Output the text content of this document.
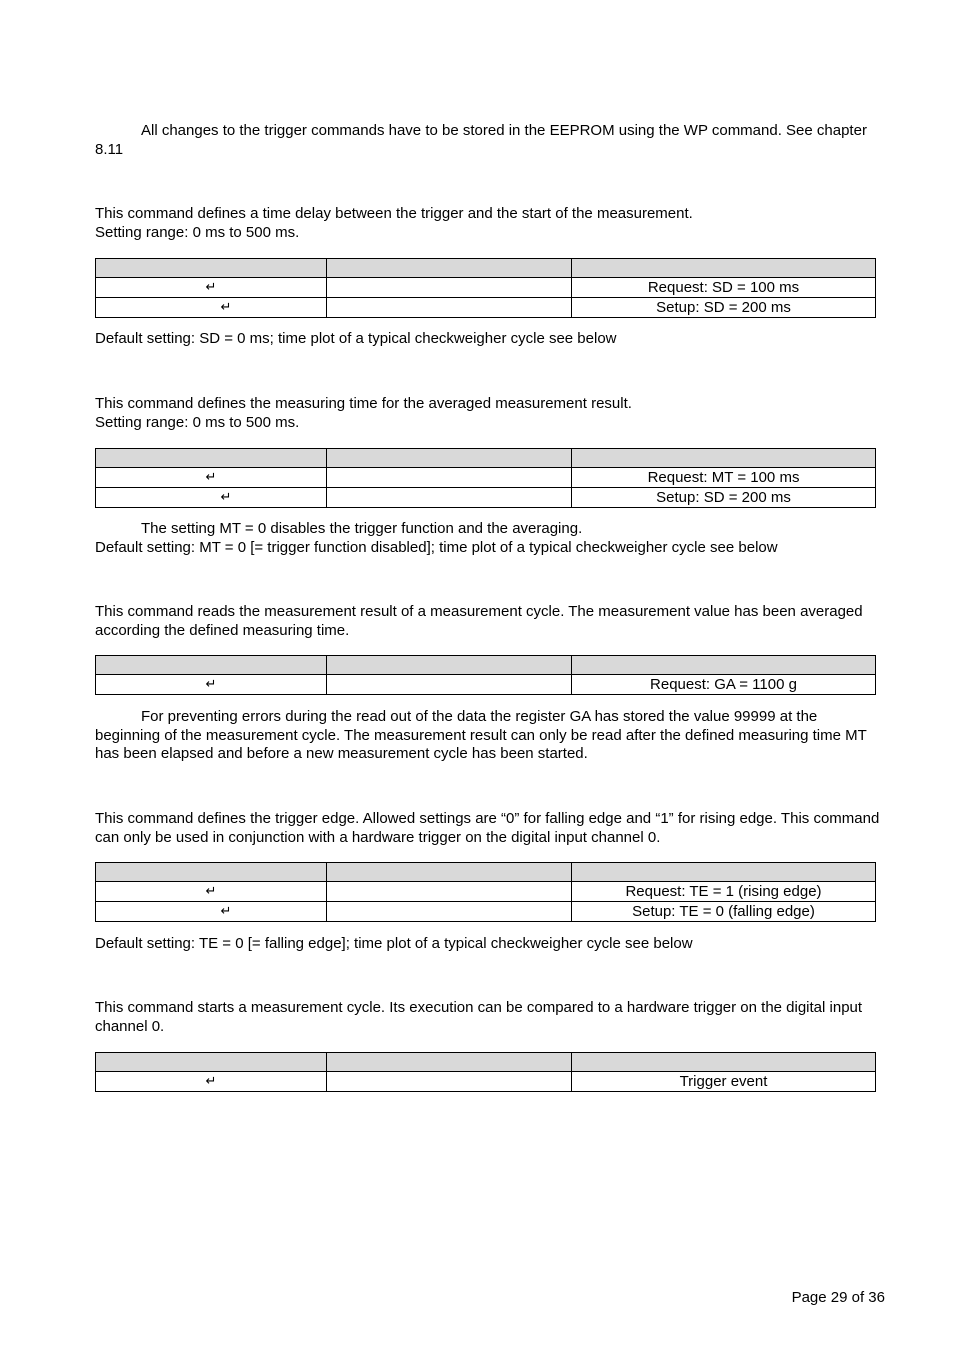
All changes to the trigger commands have to be stored in the EEPROM using the WP command. See chapter 8.11

This command defines a time delay between the trigger and the start of the measurement.
Setting range: 0 ms to 500 ms.

↵		Request: SD = 100 ms
↵		Setup: SD = 200 ms

Default setting: SD = 0 ms; time plot of a typical checkweigher cycle see below

This command defines the measuring time for the averaged measurement result.
Setting range: 0 ms to 500 ms.

↵		Request: MT = 100 ms
↵		Setup: SD = 200 ms

The setting MT = 0 disables the trigger function and the averaging.
Default setting: MT = 0 [= trigger function disabled]; time plot of a typical checkweigher cycle see below

This command reads the measurement result of a measurement cycle. The measurement value has been averaged according the defined measuring time.

↵		Request: GA = 1100 g

For preventing errors during the read out of the data the register GA has stored the value 99999 at the beginning of the measurement cycle. The measurement result can only be read after the defined measuring time MT has been elapsed and before a new measurement cycle has been started.

This command defines the trigger edge. Allowed settings are “0” for falling edge and “1” for rising edge. This command can only be used in conjunction with a hardware trigger on the digital input channel 0.

↵		Request: TE = 1 (rising edge)
↵		Setup: TE = 0 (falling edge)

Default setting: TE = 0 [= falling edge]; time plot of a typical checkweigher cycle see below

This command starts a measurement cycle. Its execution can be compared to a hardware trigger on the digital input channel 0.

↵		Trigger event
Page 29 of 36
